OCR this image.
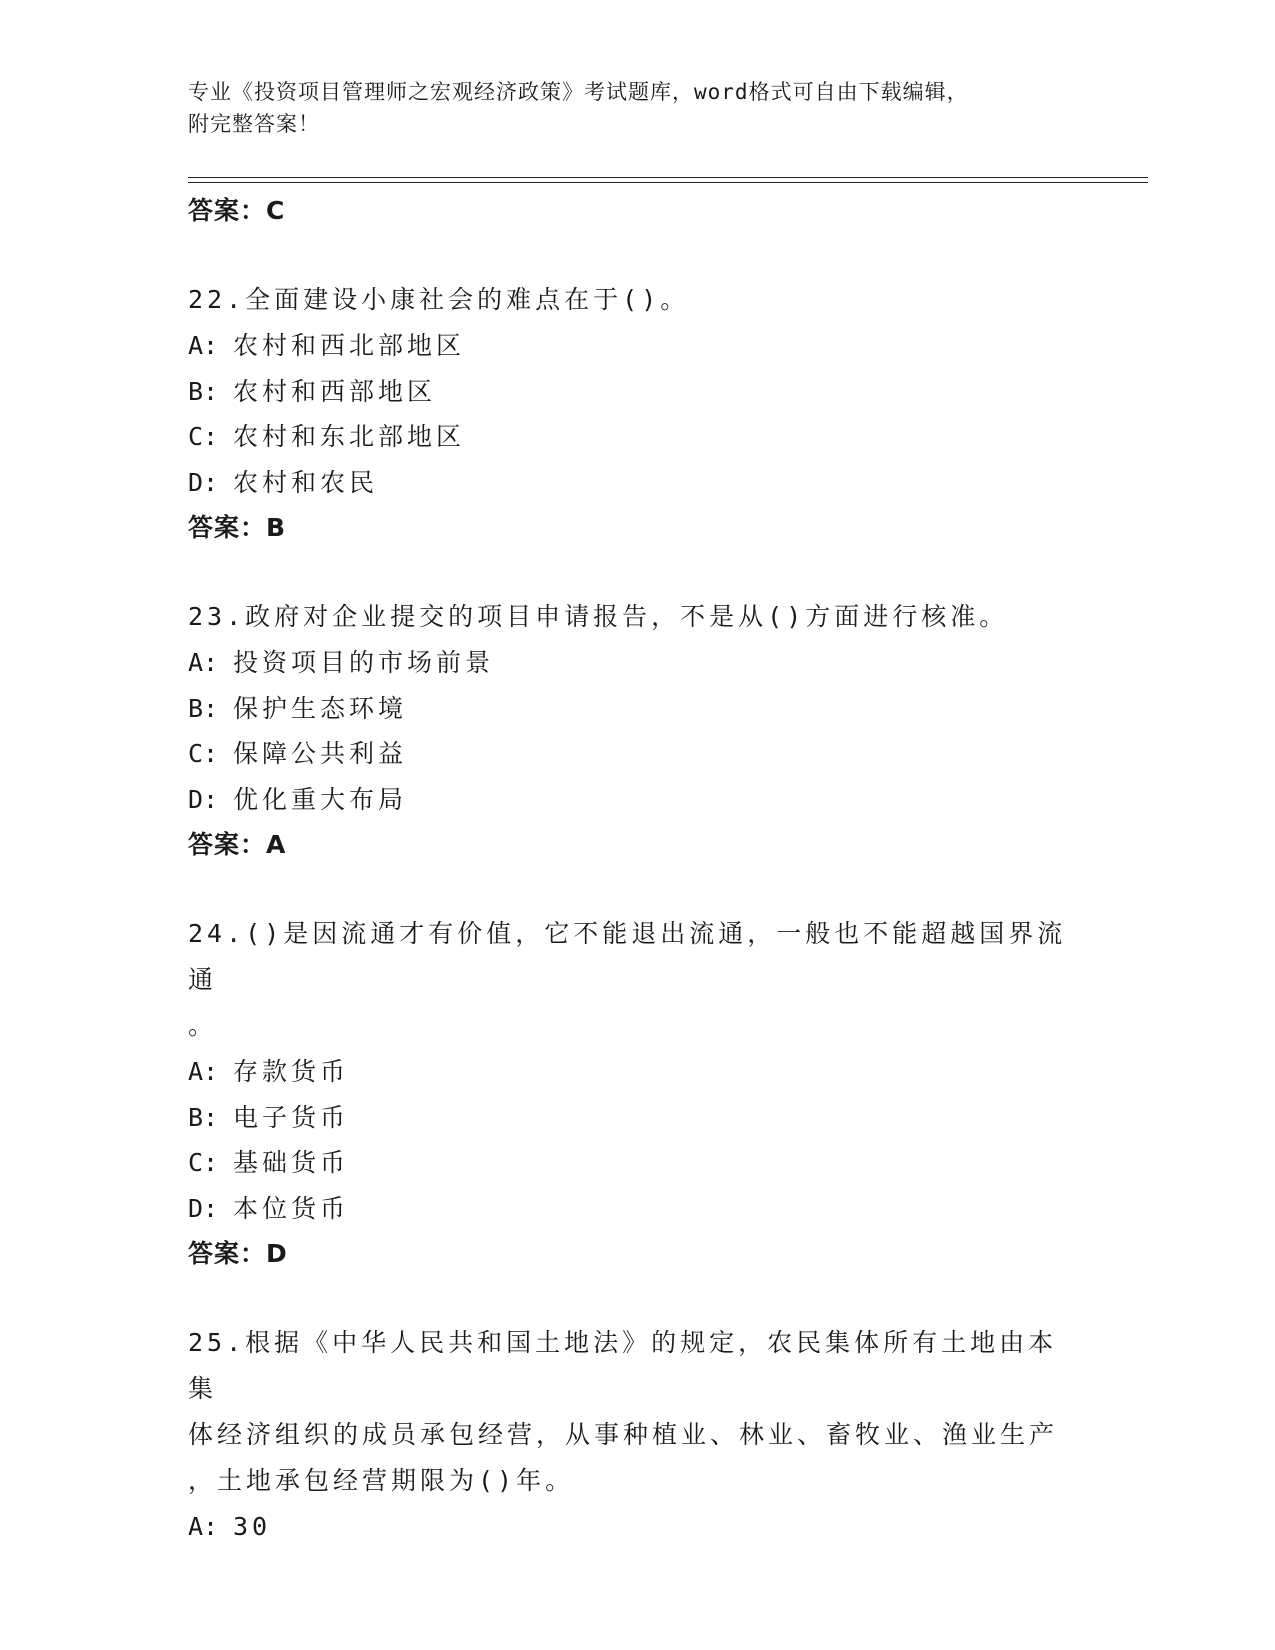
专业《投资项目管理师之宏观经济政策》考试题库，word格式可自由下载编辑，
附完整答案！
答案：C
22.全面建设小康社会的难点在于()。
A: 农村和西北部地区
B: 农村和西部地区
C: 农村和东北部地区
D: 农村和农民
答案：B
23.政府对企业提交的项目申请报告，不是从()方面进行核准。
A: 投资项目的市场前景
B: 保护生态环境
C: 保障公共利益
D: 优化重大布局
答案：A
24.()是因流通才有价值，它不能退出流通，一般也不能超越国界流通
。
A: 存款货币
B: 电子货币
C: 基础货币
D: 本位货币
答案：D
25.根据《中华人民共和国土地法》的规定，农民集体所有土地由本集
体经济组织的成员承包经营，从事种植业、林业、畜牧业、渔业生产
，土地承包经营期限为()年。
A: 30
